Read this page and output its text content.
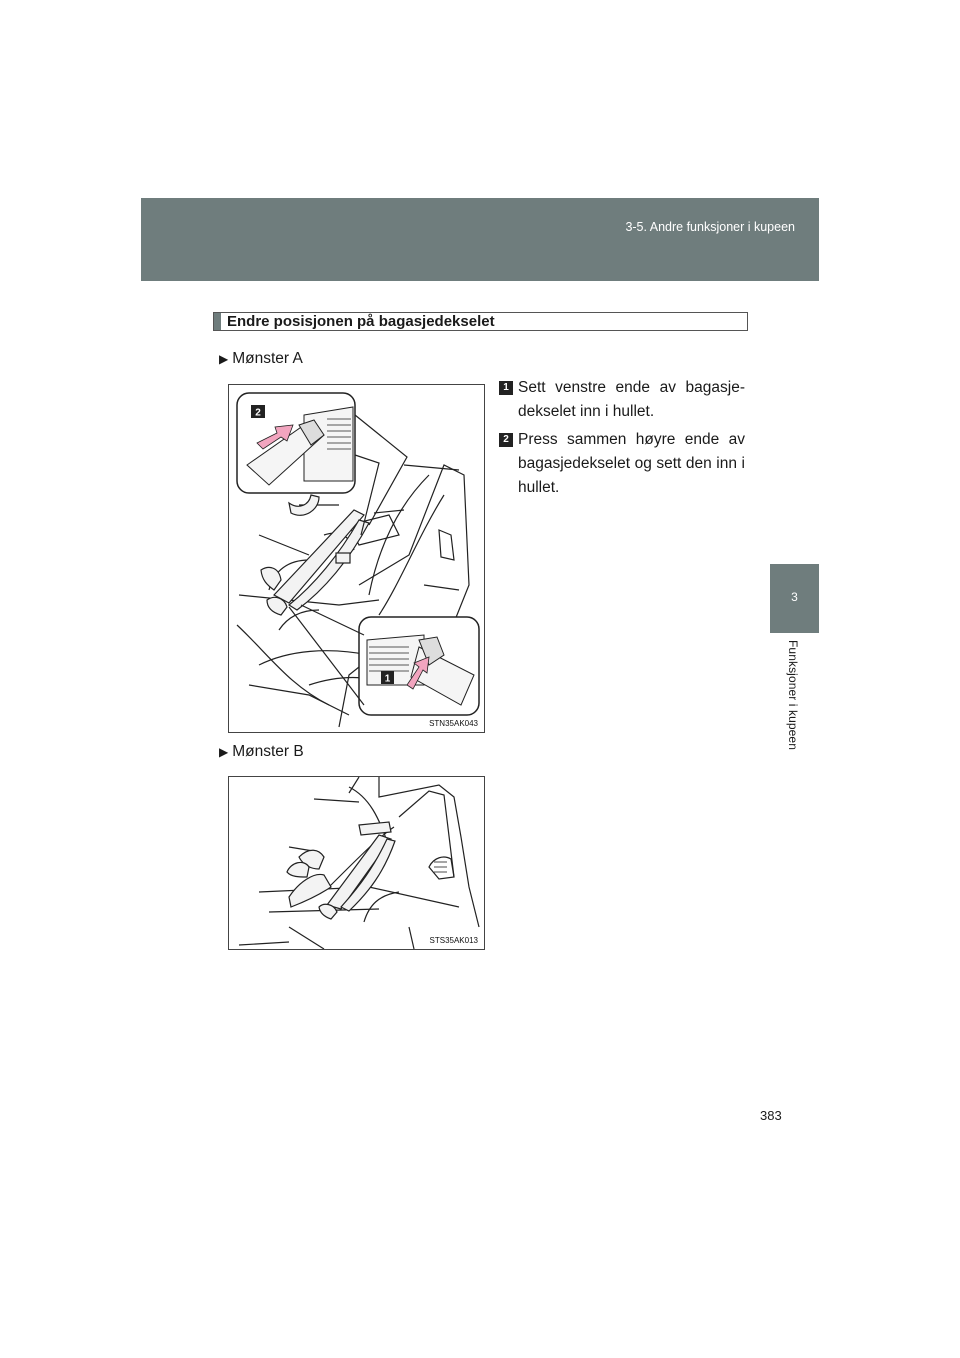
3-5. Andre funksjoner i kupeen
3
Funksjoner i kupeen
Endre posisjonen på bagasjedekselet
▶ Mønster A
2
1
STN35AK043
1 Sett venstre ende av bagasje-dekselet inn i hullet.
2 Press sammen høyre ende av bagasjedekselet og sett den inn i hullet.
▶ Mønster B
STS35AK013
383
